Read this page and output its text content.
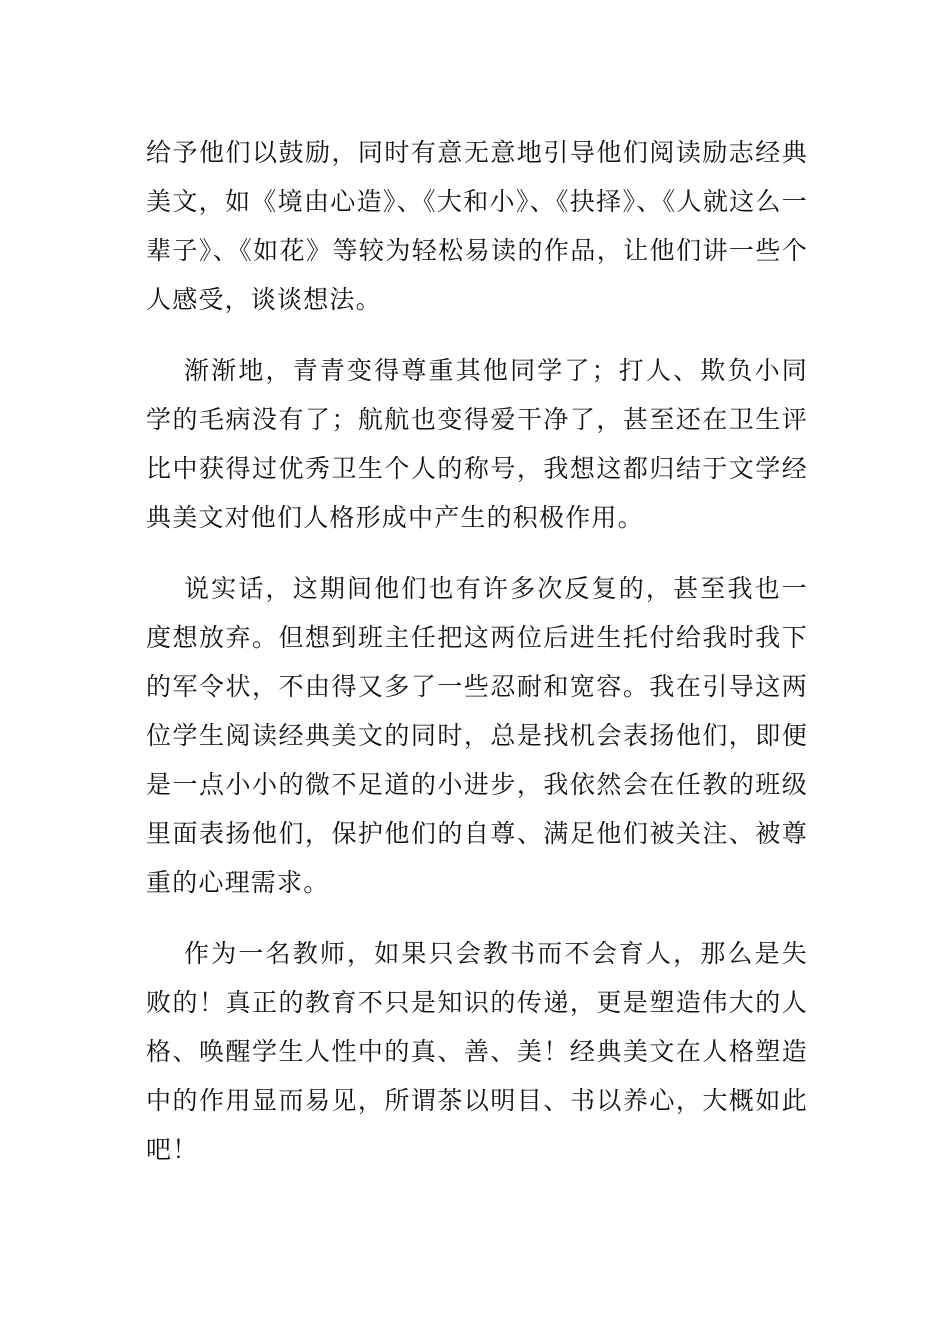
给予他们以鼓励，同时有意无意地引导他们阅读励志经典美文，如《境由心造》、《大和小》、《抉择》、《人就这么一辈子》、《如花》等较为轻松易读的作品，让他们讲一些个人感受，谈谈想法。

渐渐地，青青变得尊重其他同学了；打人、欺负小同学的毛病没有了；航航也变得爱干净了，甚至还在卫生评比中获得过优秀卫生个人的称号，我想这都归结于文学经典美文对他们人格形成中产生的积极作用。

说实话，这期间他们也有许多次反复的，甚至我也一度想放弃。但想到班主任把这两位后进生托付给我时我下的军令状，不由得又多了一些忍耐和宽容。我在引导这两位学生阅读经典美文的同时，总是找机会表扬他们，即便是一点小小的微不足道的小进步，我依然会在任教的班级里面表扬他们，保护他们的自尊、满足他们被关注、被尊重的心理需求。

作为一名教师，如果只会教书而不会育人，那么是失败的！真正的教育不只是知识的传递，更是塑造伟大的人格、唤醒学生人性中的真、善、美！经典美文在人格塑造中的作用显而易见，所谓茶以明目、书以养心，大概如此吧！
